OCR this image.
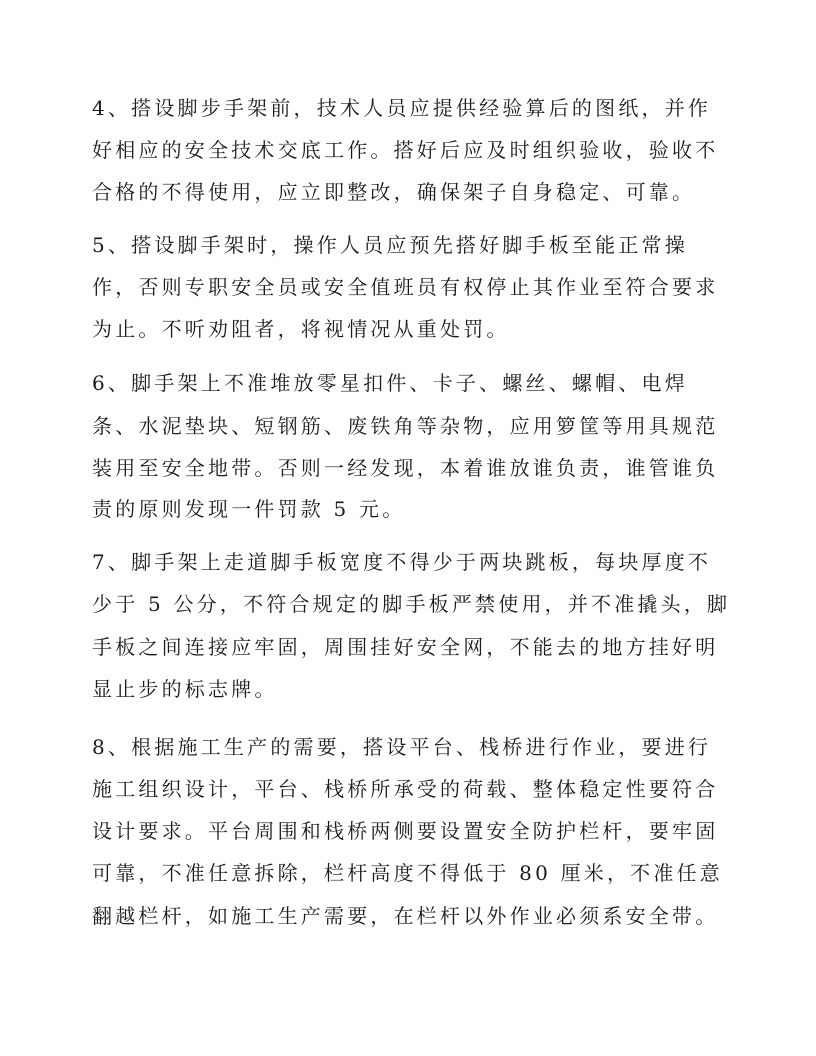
4、搭设脚步手架前，技术人员应提供经验算后的图纸，并作
好相应的安全技术交底工作。搭好后应及时组织验收，验收不
合格的不得使用，应立即整改，确保架子自身稳定、可靠。
5、搭设脚手架时，操作人员应预先搭好脚手板至能正常操
作，否则专职安全员或安全值班员有权停止其作业至符合要求
为止。不听劝阻者，将视情况从重处罚。
6、脚手架上不准堆放零星扣件、卡子、螺丝、螺帽、电焊
条、水泥垫块、短钢筋、废铁角等杂物，应用箩筐等用具规范
装用至安全地带。否则一经发现，本着谁放谁负责，谁管谁负
责的原则发现一件罚款 5 元。
7、脚手架上走道脚手板宽度不得少于两块跳板，每块厚度不
少于 5 公分，不符合规定的脚手板严禁使用，并不准撬头，脚
手板之间连接应牢固，周围挂好安全网，不能去的地方挂好明
显止步的标志牌。
8、根据施工生产的需要，搭设平台、栈桥进行作业，要进行
施工组织设计，平台、栈桥所承受的荷载、整体稳定性要符合
设计要求。平台周围和栈桥两侧要设置安全防护栏杆，要牢固
可靠，不准任意拆除，栏杆高度不得低于 80 厘米，不准任意
翻越栏杆，如施工生产需要，在栏杆以外作业必须系安全带。
